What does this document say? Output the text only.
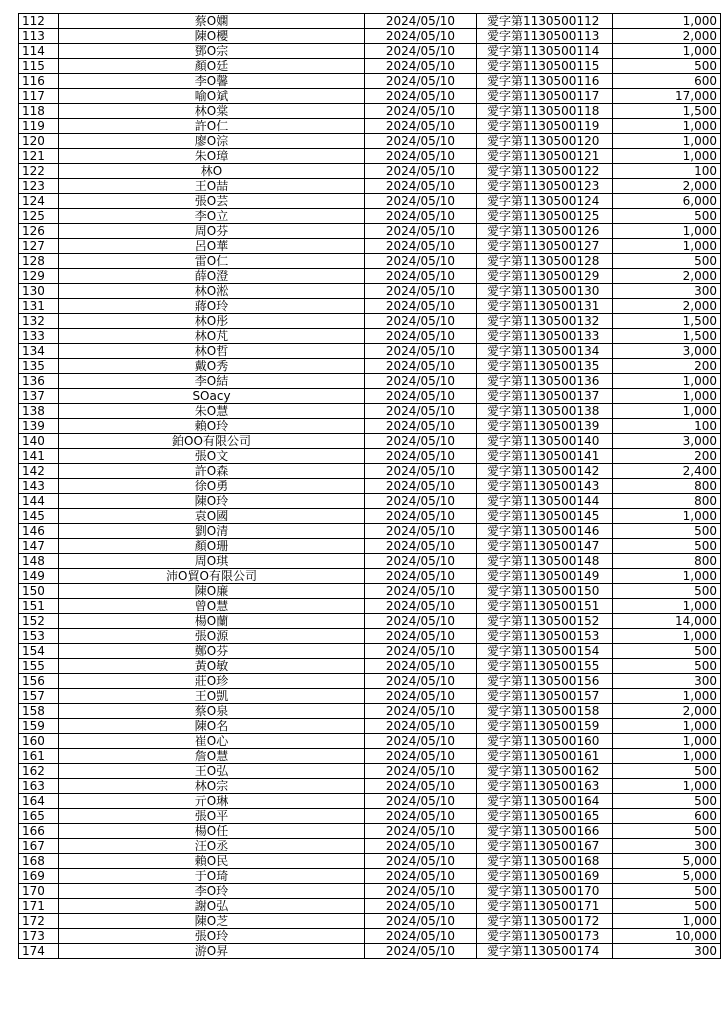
112	蔡O嫻	2024/05/10	愛字第1130500112	1,000
113	陳O櫻	2024/05/10	愛字第1130500113	2,000
114	鄧O宗	2024/05/10	愛字第1130500114	1,000
115	顏O廷	2024/05/10	愛字第1130500115	500
116	李O馨	2024/05/10	愛字第1130500116	600
117	喻O斌	2024/05/10	愛字第1130500117	17,000
118	林O棠	2024/05/10	愛字第1130500118	1,500
119	許O仁	2024/05/10	愛字第1130500119	1,000
120	廖O淙	2024/05/10	愛字第1130500120	1,000
121	朱O璋	2024/05/10	愛字第1130500121	1,000
122	林O	2024/05/10	愛字第1130500122	100
123	王O喆	2024/05/10	愛字第1130500123	2,000
124	張O芸	2024/05/10	愛字第1130500124	6,000
125	李O立	2024/05/10	愛字第1130500125	500
126	周O芬	2024/05/10	愛字第1130500126	1,000
127	呂O華	2024/05/10	愛字第1130500127	1,000
128	雷O仁	2024/05/10	愛字第1130500128	500
129	薛O澄	2024/05/10	愛字第1130500129	2,000
130	林O淞	2024/05/10	愛字第1130500130	300
131	蔣O玲	2024/05/10	愛字第1130500131	2,000
132	林O彤	2024/05/10	愛字第1130500132	1,500
133	林O芃	2024/05/10	愛字第1130500133	1,500
134	林O哲	2024/05/10	愛字第1130500134	3,000
135	戴O秀	2024/05/10	愛字第1130500135	200
136	李O結	2024/05/10	愛字第1130500136	1,000
137	SOacy	2024/05/10	愛字第1130500137	1,000
138	朱O慧	2024/05/10	愛字第1130500138	1,000
139	賴O玲	2024/05/10	愛字第1130500139	100
140	鉑OO有限公司	2024/05/10	愛字第1130500140	3,000
141	張O文	2024/05/10	愛字第1130500141	200
142	許O森	2024/05/10	愛字第1130500142	2,400
143	徐O勇	2024/05/10	愛字第1130500143	800
144	陳O玲	2024/05/10	愛字第1130500144	800
145	袁O國	2024/05/10	愛字第1130500145	1,000
146	劉O清	2024/05/10	愛字第1130500146	500
147	顏O珊	2024/05/10	愛字第1130500147	500
148	周O琪	2024/05/10	愛字第1130500148	800
149	沛O貿O有限公司	2024/05/10	愛字第1130500149	1,000
150	陳O廉	2024/05/10	愛字第1130500150	500
151	曾O慧	2024/05/10	愛字第1130500151	1,000
152	楊O蘭	2024/05/10	愛字第1130500152	14,000
153	張O源	2024/05/10	愛字第1130500153	1,000
154	鄭O芬	2024/05/10	愛字第1130500154	500
155	黃O敏	2024/05/10	愛字第1130500155	500
156	莊O珍	2024/05/10	愛字第1130500156	300
157	王O凱	2024/05/10	愛字第1130500157	1,000
158	蔡O泉	2024/05/10	愛字第1130500158	2,000
159	陳O名	2024/05/10	愛字第1130500159	1,000
160	崔O心	2024/05/10	愛字第1130500160	1,000
161	詹O慧	2024/05/10	愛字第1130500161	1,000
162	王O弘	2024/05/10	愛字第1130500162	500
163	林O宗	2024/05/10	愛字第1130500163	1,000
164	亓O琳	2024/05/10	愛字第1130500164	500
165	張O平	2024/05/10	愛字第1130500165	600
166	楊O任	2024/05/10	愛字第1130500166	500
167	汪O丞	2024/05/10	愛字第1130500167	300
168	賴O民	2024/05/10	愛字第1130500168	5,000
169	于O琦	2024/05/10	愛字第1130500169	5,000
170	李O玲	2024/05/10	愛字第1130500170	500
171	謝O弘	2024/05/10	愛字第1130500171	500
172	陳O芝	2024/05/10	愛字第1130500172	1,000
173	張O玲	2024/05/10	愛字第1130500173	10,000
174	游O昇	2024/05/10	愛字第1130500174	300
